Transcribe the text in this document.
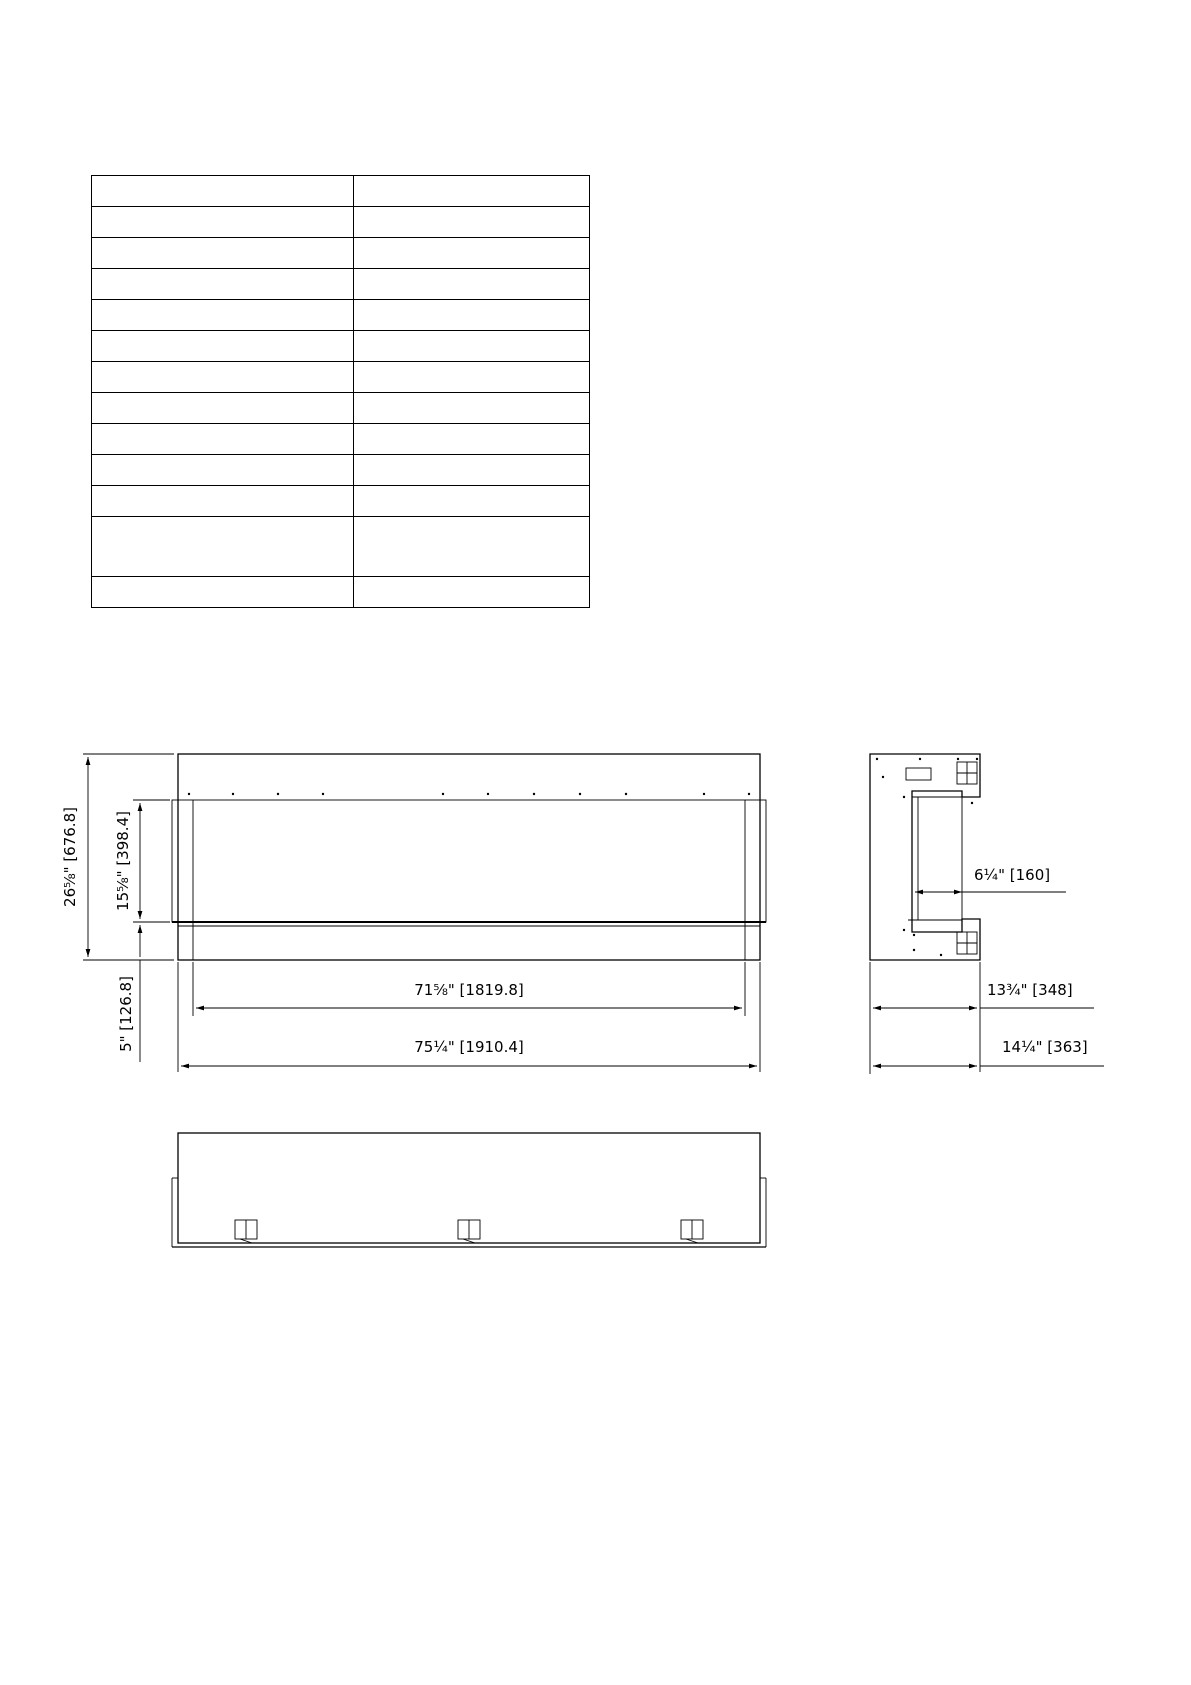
26⅝" [676.8] 15⅝" [398.4]
5" [126.8]	71⅝" [1819.8]
75¼" [1910.4]
6¼" [160]
13¾" [348]
14¼" [363]
